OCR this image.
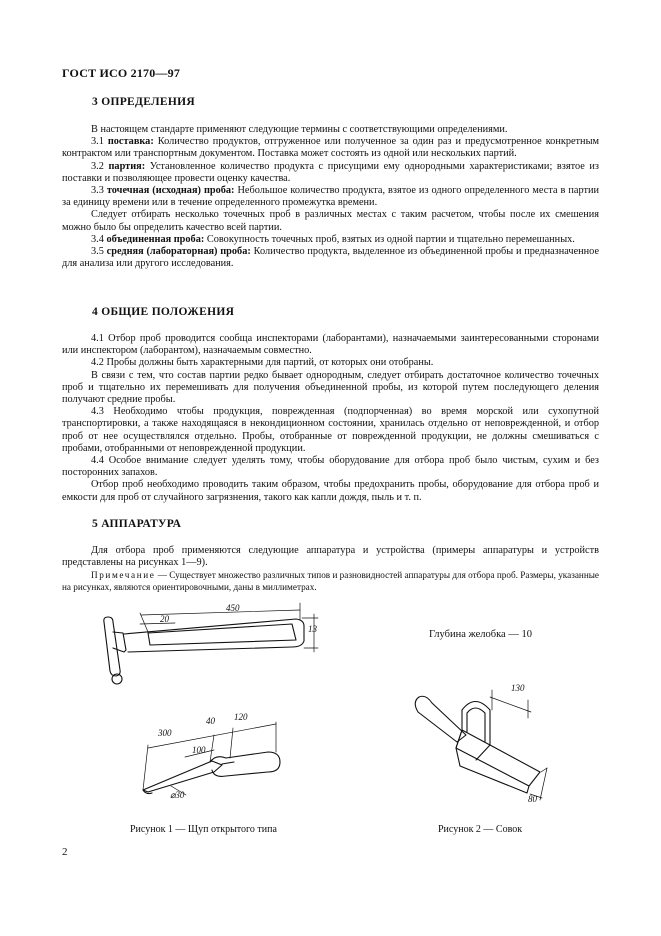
ГОСТ ИСО 2170—97
3 ОПРЕДЕЛЕНИЯ

В настоящем стандарте применяют следующие термины с соответствующими определениями.

3.1 поставка: Количество продуктов, отгруженное или полученное за один раз и предусмотренное конкретным контрактом или транспортным документом. Поставка может состоять из одной или нескольких партий.

3.2 партия: Установленное количество продукта с присущими ему однородными характеристиками; взятое из поставки и позволяющее провести оценку качества.

3.3 точечная (исходная) проба: Небольшое количество продукта, взятое из одного определенного места в партии за единицу времени или в течение определенного промежутка времени.

Следует отбирать несколько точечных проб в различных местах с таким расчетом, чтобы после их смешения можно было бы определить качество всей партии.

3.4 объединенная проба: Совокупность точечных проб, взятых из одной партии и тщательно перемешанных.

3.5 средняя (лабораторная) проба: Количество продукта, выделенное из объединенной пробы и предназначенное для анализа или другого исследования.

4 ОБЩИЕ ПОЛОЖЕНИЯ

4.1 Отбор проб проводится сообща инспекторами (лаборантами), назначаемыми заинтересованными сторонами или инспектором (лаборантом), назначаемым совместно.

4.2 Пробы должны быть характерными для партий, от которых они отобраны.

В связи с тем, что состав партии редко бывает однородным, следует отбирать достаточное количество точечных проб и тщательно их перемешивать для получения объединенной пробы, из которой путем последующего деления получают средние пробы.

4.3 Необходимо чтобы продукция, поврежденная (подпорченная) во время морской или сухопутной транспортировки, а также находящаяся в некондиционном состоянии, хранилась отдельно от неповрежденной, и отбор проб от нее осуществлялся отдельно. Пробы, отобранные от поврежденной продукции, не должны смешиваться с пробами, отобранными от неповрежденной продукции.

4.4 Особое внимание следует уделять тому, чтобы оборудование для отбора проб было чистым, сухим и без посторонних запахов.

Отбор проб необходимо проводить таким образом, чтобы предохранить пробы, оборудование для отбора проб и емкости для проб от случайного загрязнения, такого как капли дождя, пыль и т. п.

5 АППАРАТУРА

Для отбора проб применяются следующие аппаратура и устройства (примеры аппаратуры и устройств представлены на рисунках 1—9).

Примечание — Существует множество различных типов и разновидностей аппаратуры для отбора проб. Размеры, указанные на рисунках, являются ориентировочными, даны в миллиметрах.

450
20
13
300
40 120
100
⌀30
130
80
Глубина желобка — 10
Рисунок 1 — Щуп открытого типа	Рисунок 2 — Совок
2
